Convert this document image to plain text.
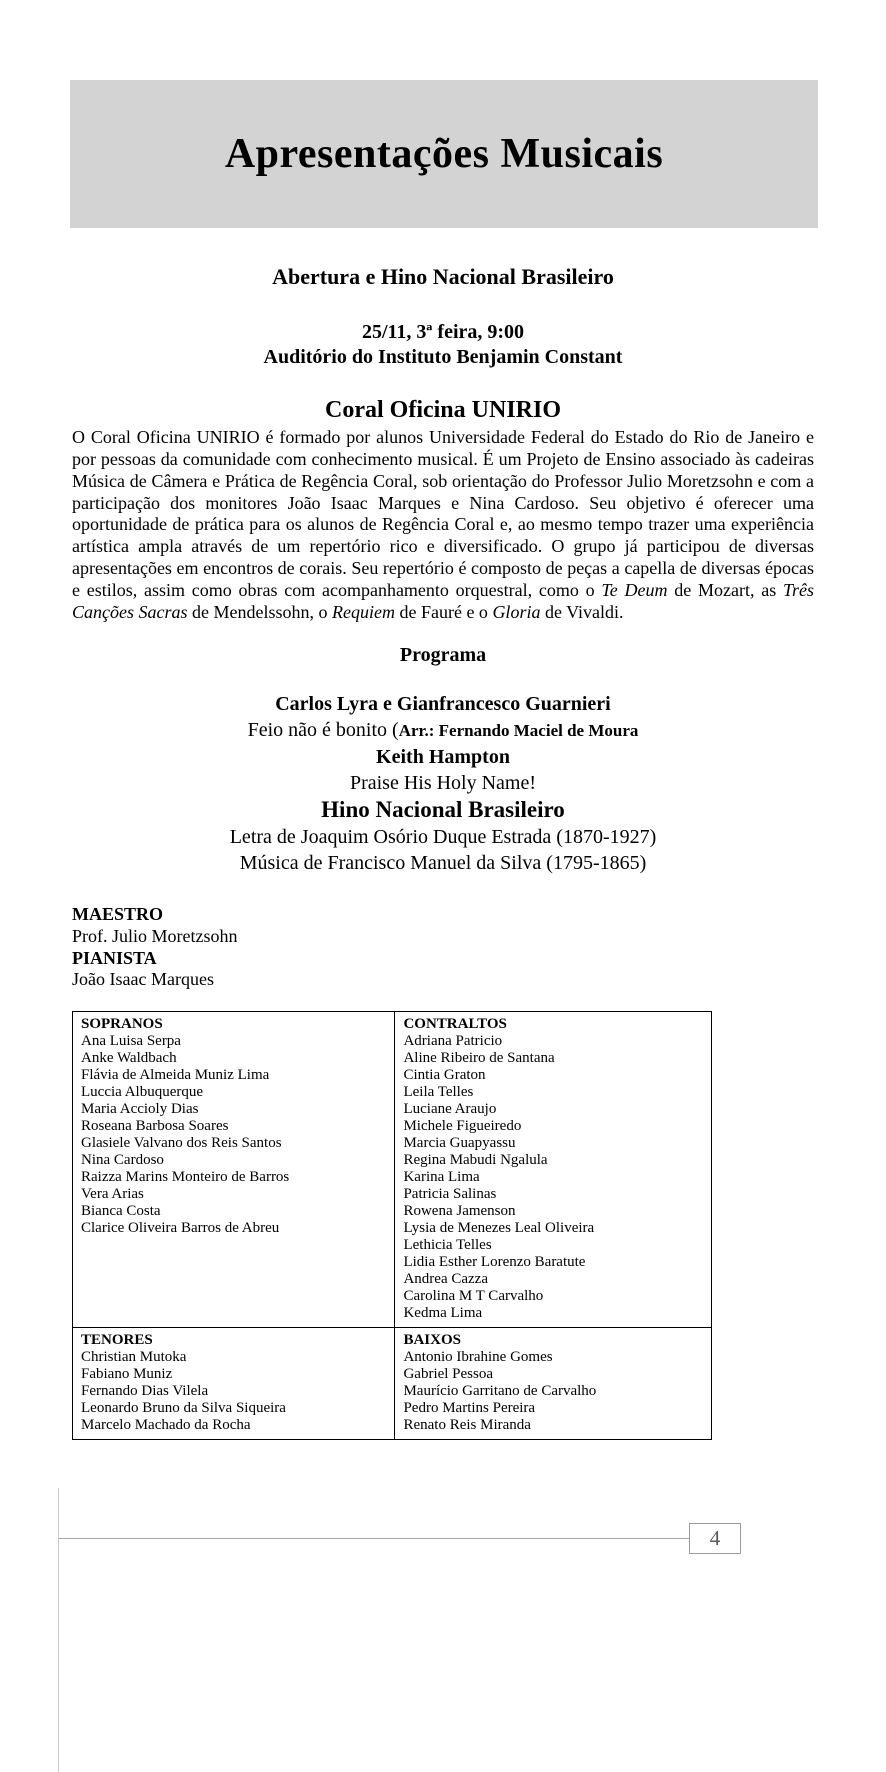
Apresentações Musicais
Abertura e Hino Nacional Brasileiro
25/11, 3ª feira, 9:00
Auditório do Instituto Benjamin Constant
Coral Oficina UNIRIO

O Coral Oficina UNIRIO é formado por alunos Universidade Federal do Estado do Rio de Janeiro e por pessoas da comunidade com conhecimento musical. É um Projeto de Ensino associado às cadeiras Música de Câmera e Prática de Regência Coral, sob orientação do Professor Julio Moretzsohn e com a participação dos monitores João Isaac Marques e Nina Cardoso. Seu objetivo é oferecer uma oportunidade de prática para os alunos de Regência Coral e, ao mesmo tempo trazer uma experiência artística ampla através de um repertório rico e diversificado. O grupo já participou de diversas apresentações em encontros de corais. Seu repertório é composto de peças a capella de diversas épocas e estilos, assim como obras com acompanhamento orquestral, como o Te Deum de Mozart, as Três Canções Sacras de Mendelssohn, o Requiem de Fauré e o Gloria de Vivaldi.

Programa
Carlos Lyra e Gianfrancesco Guarnieri
Feio não é bonito (Arr.: Fernando Maciel de Moura
Keith Hampton
Praise His Holy Name!
Hino Nacional Brasileiro
Letra de Joaquim Osório Duque Estrada (1870-1927)
Música de Francisco Manuel da Silva (1795-1865)
MAESTRO
Prof. Julio Moretzsohn
PIANISTA
João Isaac Marques
SOPRANOS
Ana Luisa Serpa
Anke Waldbach
Flávia de Almeida Muniz Lima
Luccia Albuquerque
Maria Accioly Dias
Roseana Barbosa Soares
Glasiele Valvano dos Reis Santos
Nina Cardoso
Raizza Marins Monteiro de Barros
Vera Arias
Bianca Costa
Clarice Oliveira Barros de Abreu

CONTRALTOS
Adriana Patricio
Aline Ribeiro de Santana
Cintia Graton
Leila Telles
Luciane Araujo
Michele Figueiredo
Marcia Guapyassu
Regina Mabudi Ngalula
Karina Lima
Patricia Salinas
Rowena Jamenson
Lysia de Menezes Leal Oliveira
Lethicia Telles
Lidia Esther Lorenzo Baratute
Andrea Cazza
Carolina M T Carvalho
Kedma Lima

TENORES
Christian Mutoka
Fabiano Muniz
Fernando Dias Vilela
Leonardo Bruno da Silva Siqueira
Marcelo Machado da Rocha

BAIXOS
Antonio Ibrahine Gomes
Gabriel Pessoa
Maurício Garritano de Carvalho
Pedro Martins Pereira
Renato Reis Miranda
4
